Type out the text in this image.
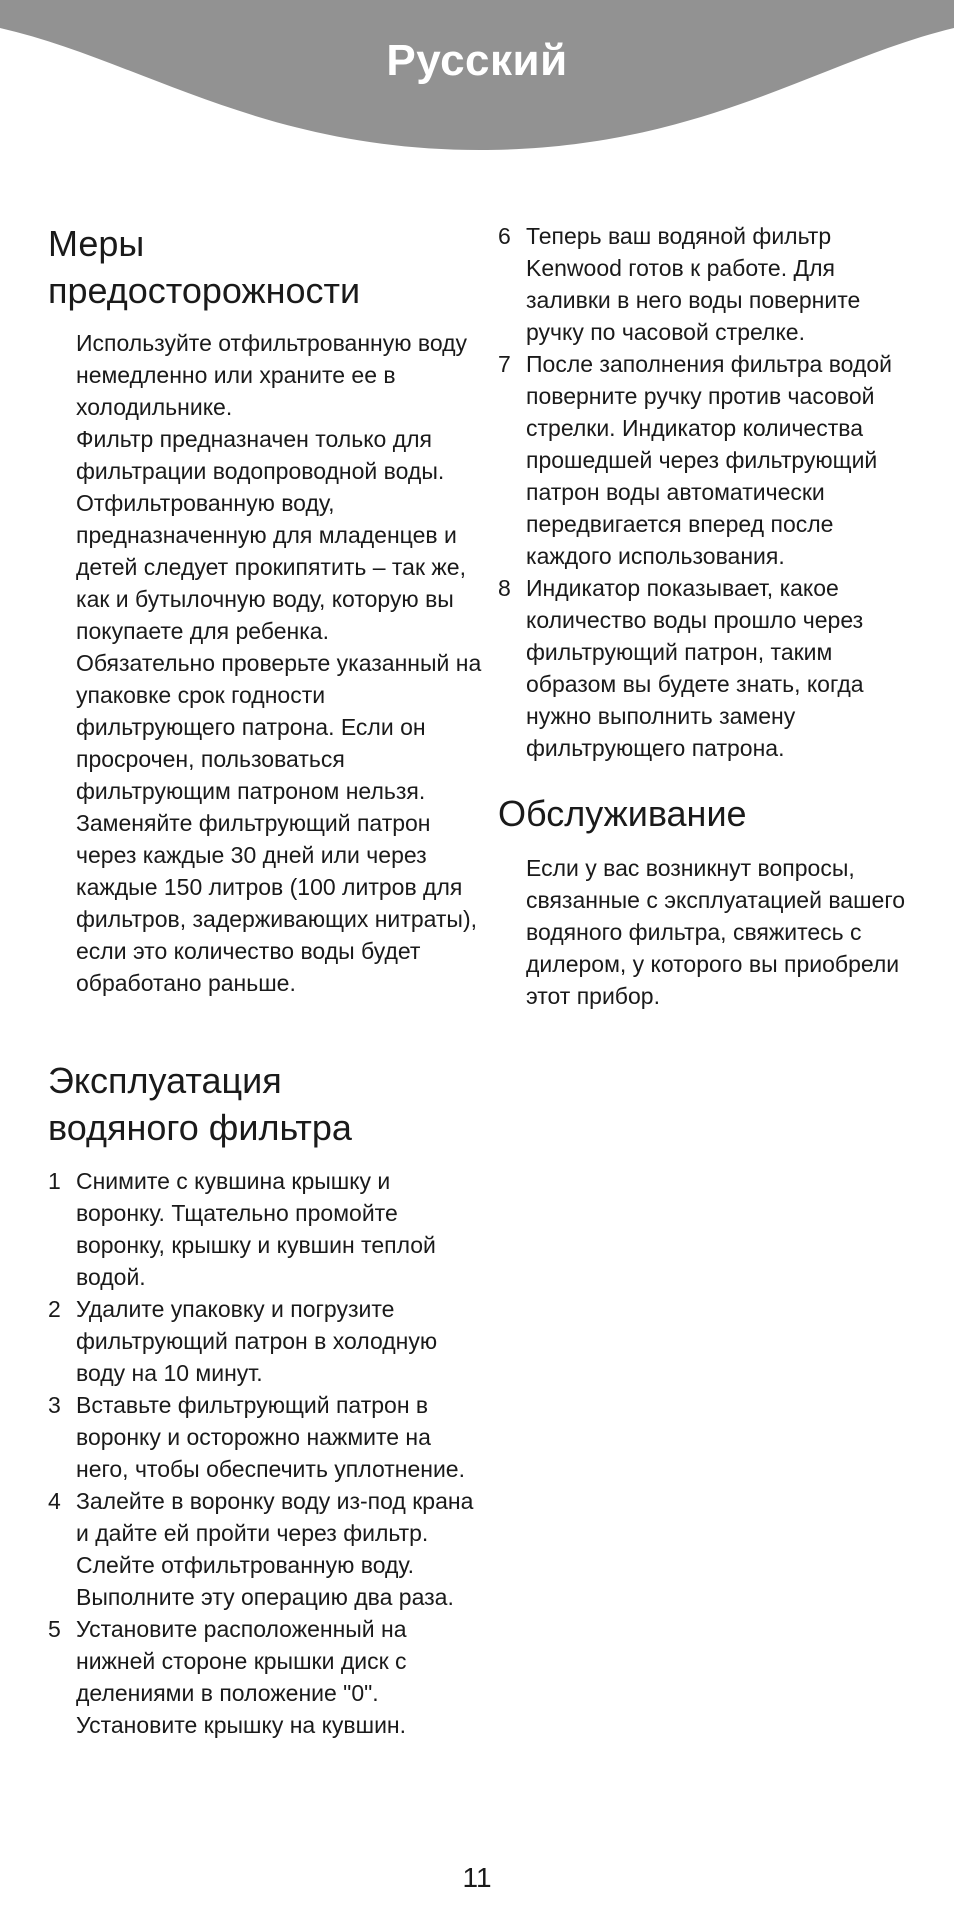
Русский
Меры
предосторожности

Используйте отфильтрованную воду немедленно или храните ее в холодильнике.

Фильтр предназначен только для фильтрации водопроводной воды.

Отфильтрованную воду, предназначенную для младенцев и детей следует прокипятить – так же, как и бутылочную воду, которую вы покупаете для ребенка.

Обязательно проверьте указанный на упаковке срок годности фильтрующего патрона. Если он просрочен, пользоваться фильтрующим патроном нельзя.

Заменяйте фильтрующий патрон через каждые 30 дней или через каждые 150 литров (100 литров для фильтров, задерживающих нитраты), если это количество воды будет обработано раньше.

Эксплуатация
водяного фильтра
1 Снимите с кувшина крышку и воронку. Тщательно промойте воронку, крышку и кувшин теплой водой.
2 Удалите упаковку и погрузите фильтрующий патрон в холодную воду на 10 минут.
3 Вставьте фильтрующий патрон в воронку и осторожно нажмите на него, чтобы обеспечить уплотнение.
4 Залейте в воронку воду из-под крана и дайте ей пройти через фильтр. Слейте отфильтрованную воду. Выполните эту операцию два раза.
5 Установите расположенный на нижней стороне крышки диск с делениями в положение "0". Установите крышку на кувшин.
6 Теперь ваш водяной фильтр Kenwood готов к работе. Для заливки в него воды поверните ручку по часовой стрелке.
7 После заполнения фильтра водой поверните ручку против часовой стрелки. Индикатор количества прошедшей через фильтрующий патрон воды автоматически передвигается вперед после каждого использования.
8 Индикатор показывает, какое количество воды прошло через фильтрующий патрон, таким образом вы будете знать, когда нужно выполнить замену фильтрующего патрона.
Обслуживание

Если у вас возникнут вопросы, связанные с эксплуатацией вашего водяного фильтра, свяжитесь с дилером, у которого вы приобрели этот прибор.

11
